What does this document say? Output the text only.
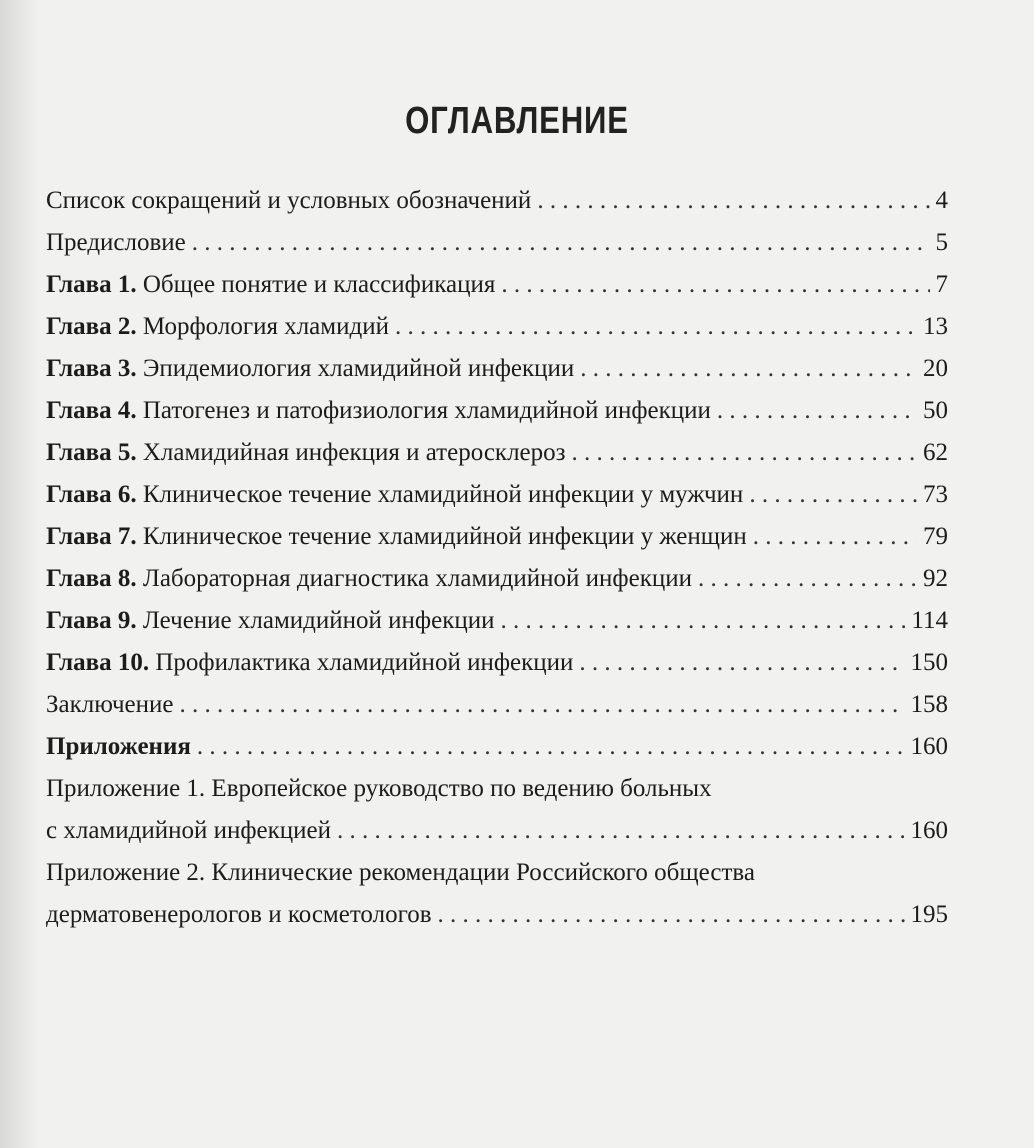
ОГЛАВЛЕНИЕ
Список сокращений и условных обозначений . . .	4
Предисловие . . .	5
Глава 1. Общее понятие и классификация . . .	7
Глава 2. Морфология хламидий . . .	13
Глава 3. Эпидемиология хламидийной инфекции . . .	20
Глава 4. Патогенез и патофизиология хламидийной инфекции . . .	50
Глава 5. Хламидийная инфекция и атеросклероз . . .	62
Глава 6. Клиническое течение хламидийной инфекции у мужчин . . .	73
Глава 7. Клиническое течение хламидийной инфекции у женщин . . .	79
Глава 8. Лабораторная диагностика хламидийной инфекции . . .	92
Глава 9. Лечение хламидийной инфекции . . .	114
Глава 10. Профилактика хламидийной инфекции . . .	150
Заключение . . .	158
Приложения . . .	160
Приложение 1. Европейское руководство по ведению больных
с хламидийной инфекцией . . .	160
Приложение 2. Клинические рекомендации Российского общества
дерматовенерологов и косметологов . . .	195
